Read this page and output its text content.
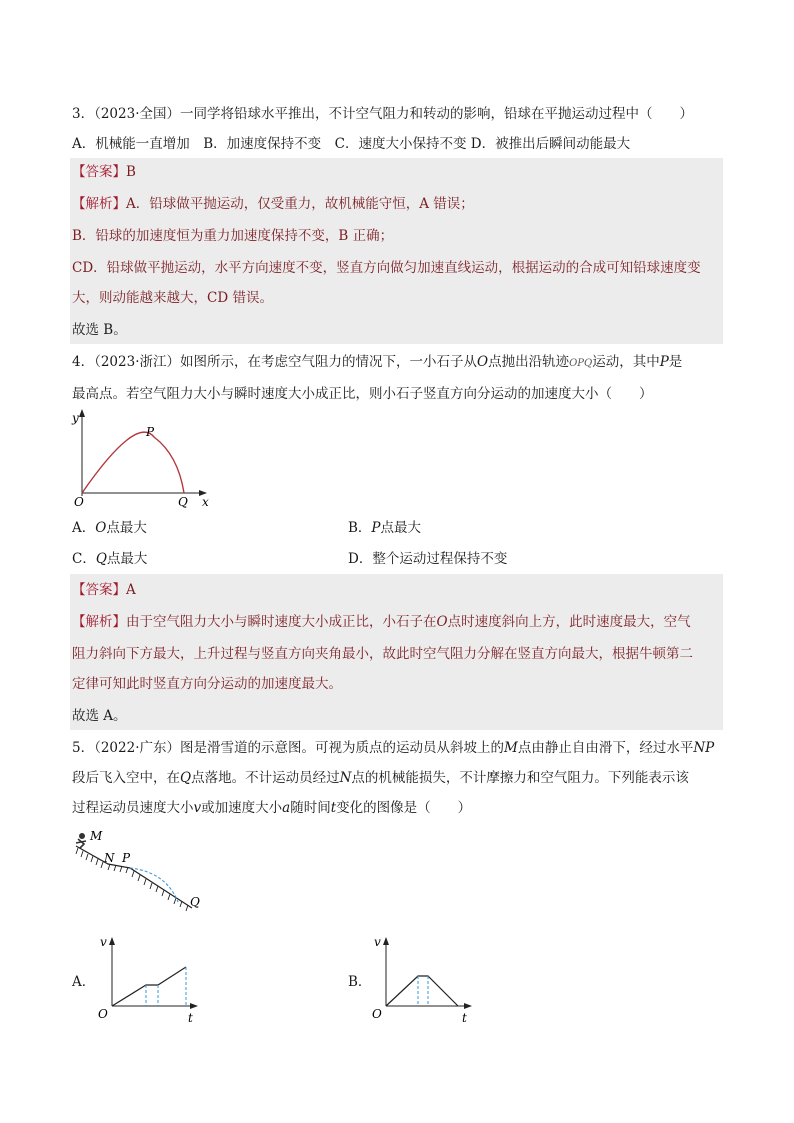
3．（2023·全国）一同学将铅球水平推出，不计空气阻力和转动的影响，铅球在平抛运动过程中（　　）
A．机械能一直增加　B．加速度保持不变　C．速度大小保持不变 D．被推出后瞬间动能最大
【答案】B
【解析】A．铅球做平抛运动，仅受重力，故机械能守恒，A 错误；
B．铅球的加速度恒为重力加速度保持不变，B 正确；
CD．铅球做平抛运动，水平方向速度不变，竖直方向做匀加速直线运动，根据运动的合成可知铅球速度变
大，则动能越来越大，CD 错误。
故选 B。
4．（2023·浙江）如图所示，在考虑空气阻力的情况下，一小石子从O点抛出沿轨迹OPQ运动，其中P是
最高点。若空气阻力大小与瞬时速度大小成正比，则小石子竖直方向分运动的加速度大小（　　）
y
x
O
P
Q
A．O点最大	B．P点最大
C．Q点最大	D．整个运动过程保持不变
【答案】A
【解析】由于空气阻力大小与瞬时速度大小成正比，小石子在O点时速度斜向上方，此时速度最大，空气
阻力斜向下方最大，上升过程与竖直方向夹角最小，故此时空气阻力分解在竖直方向最大，根据牛顿第二
定律可知此时竖直方向分运动的加速度最大。
故选 A。
5．（2022·广东）图是滑雪道的示意图。可视为质点的运动员从斜坡上的M点由静止自由滑下，经过水平NP
段后飞入空中，在Q点落地。不计运动员经过N点的机械能损失，不计摩擦力和空气阻力。下列能表示该
过程运动员速度大小v或加速度大小a随时间t变化的图像是（　　）
M
N P
Q
A．
v
O	t
B．
v
O	t
